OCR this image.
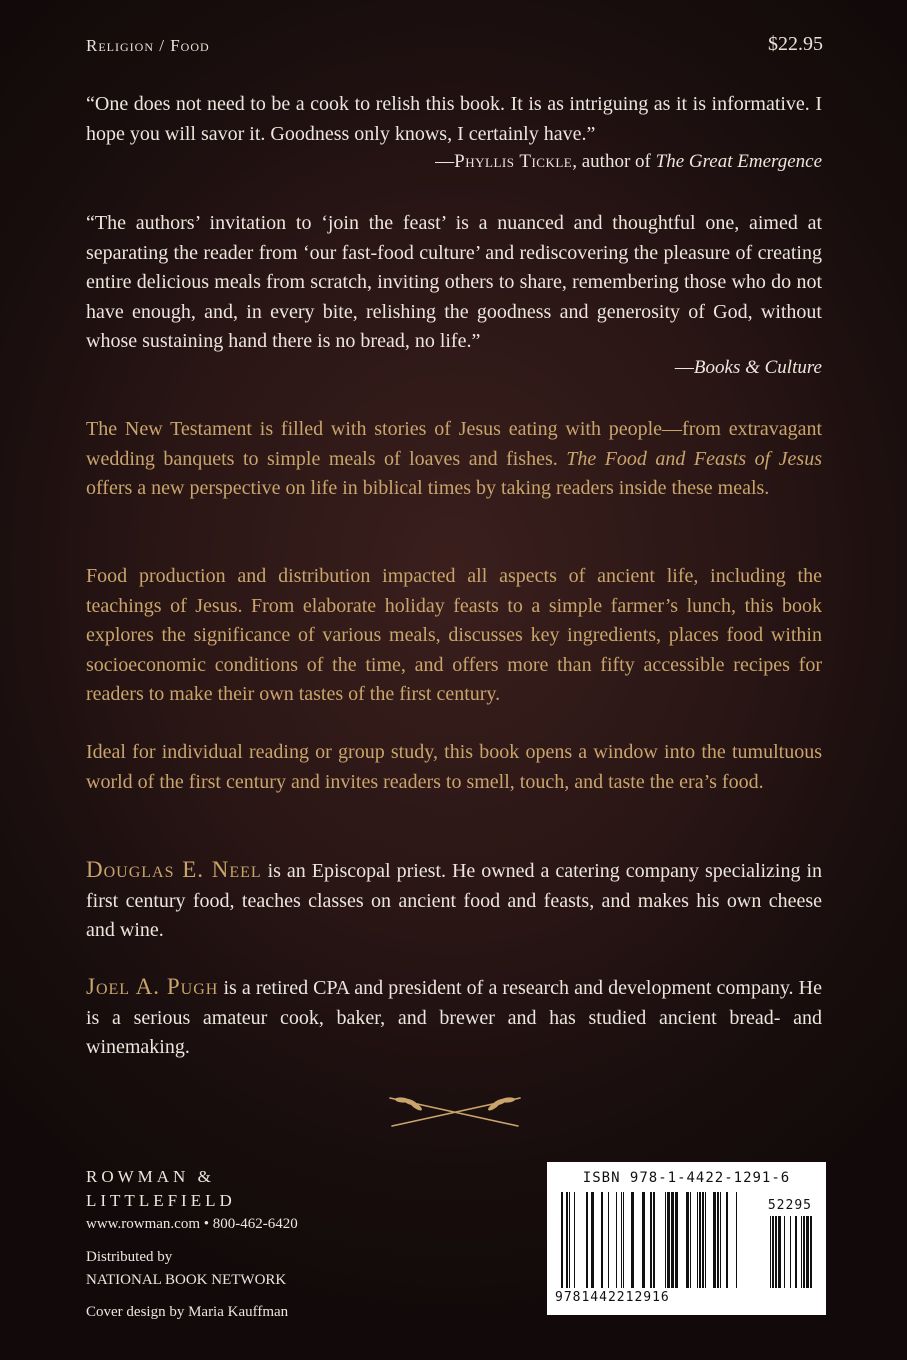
Religion / Food	$22.95

“One does not need to be a cook to relish this book. It is as intriguing as it is informative. I hope you will savor it. Goodness only knows, I certainly have.”

—Phyllis Tickle, author of The Great Emergence

“The authors’ invitation to ‘join the feast’ is a nuanced and thoughtful one, aimed at separating the reader from ‘our fast-food culture’ and rediscovering the pleasure of creating entire delicious meals from scratch, inviting others to share, remembering those who do not have enough, and, in every bite, relishing the goodness and generosity of God, without whose sustaining hand there is no bread, no life.”

—Books & Culture

The New Testament is filled with stories of Jesus eating with people—from extravagant wedding banquets to simple meals of loaves and fishes. The Food and Feasts of Jesus offers a new perspective on life in biblical times by taking readers inside these meals.

Food production and distribution impacted all aspects of ancient life, including the teachings of Jesus. From elaborate holiday feasts to a simple farmer’s lunch, this book explores the significance of various meals, discusses key ingredients, places food within socioeconomic conditions of the time, and offers more than fifty accessible recipes for readers to make their own tastes of the first century.

Ideal for individual reading or group study, this book opens a window into the tumultuous world of the first century and invites readers to smell, touch, and taste the era’s food.

Douglas E. Neel is an Episcopal priest. He owned a catering company specializing in first century food, teaches classes on ancient food and feasts, and makes his own cheese and wine.

Joel A. Pugh is a retired CPA and president of a research and development company. He is a serious amateur cook, baker, and brewer and has studied ancient bread- and winemaking.

ROWMAN &
LITTLEFIELD
www.rowman.com • 800-462-6420
Distributed by
NATIONAL BOOK NETWORK
Cover design by Maria Kauffman
ISBN 978-1-4422-1291-6
52295
9781442212916
